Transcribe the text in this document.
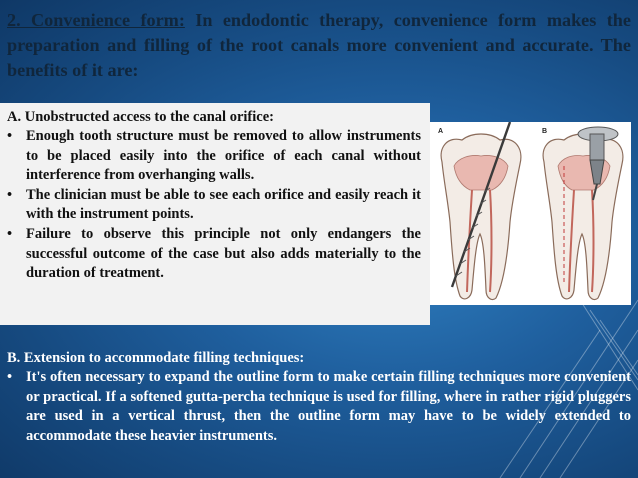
2. Convenience form: In endodontic therapy, convenience form makes the preparation and filling of the root canals more convenient and accurate. The benefits of it are:
A. Unobstructed access to the canal orifice:
• Enough tooth structure must be removed to allow instruments to be placed easily into the orifice of each canal without interference from overhanging walls.
• The clinician must be able to see each orifice and easily reach it with the instrument points.
• Failure to observe this principle not only endangers the successful outcome of the case but also adds materially to the duration of treatment.
A	B
B. Extension to accommodate filling techniques:
• It's often necessary to expand the outline form to make certain filling techniques more convenient or practical. If a softened gutta-percha technique is used for filling, where in rather rigid pluggers are used in a vertical thrust, then the outline form may have to be widely extended to accommodate these heavier instruments.
